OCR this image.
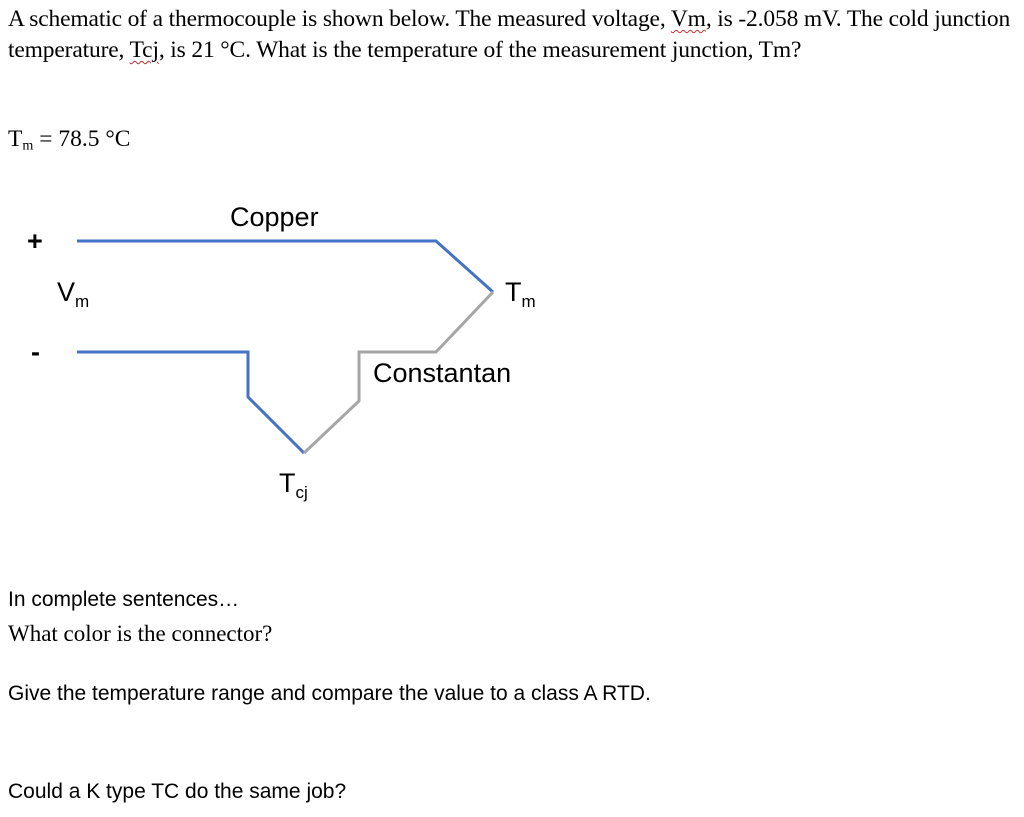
A schematic of a thermocouple is shown below. The measured voltage, Vm, is -2.058 mV. The cold junction temperature, Tcj, is 21 °C. What is the temperature of the measurement junction, Tm?

$T_m = 78.5$ °C
Copper
Constantan
+
-
$V_m$	$T_m$
$T_{cj}$

In complete sentences…

What color is the connector?

Give the temperature range and compare the value to a class A RTD.

Could a K type TC do the same job?
